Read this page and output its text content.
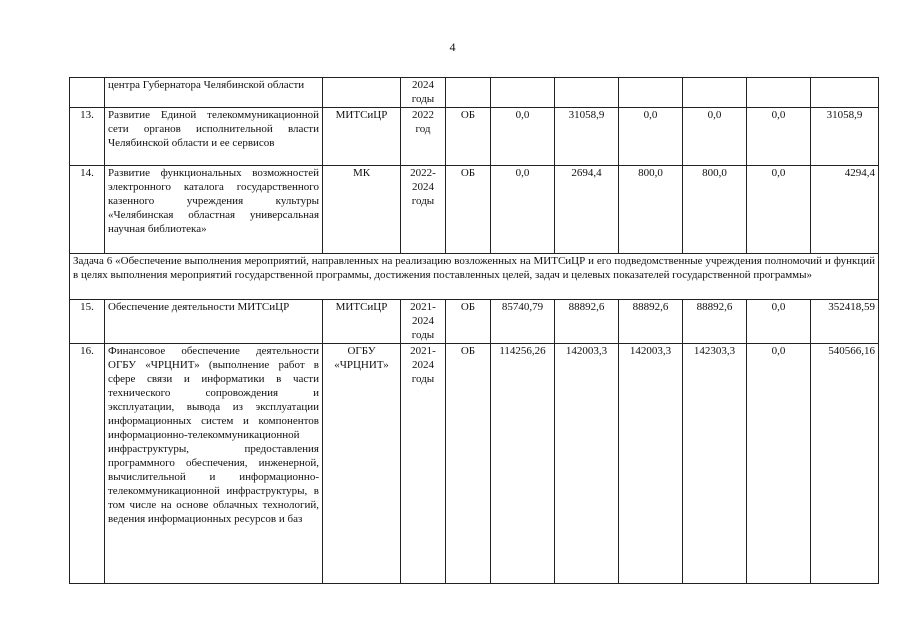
4
	центра Губернатора Челябинской области		2024 годы							
13.	Развитие Единой телекоммуникационной сети органов исполнительной власти Челябинской области и ее сервисов	МИТСиЦР	2022 год	ОБ	0,0	31058,9	0,0	0,0	0,0	31058,9
14.	Развитие функциональных возможностей электронного каталога государственного казенного учреждения культуры «Челябинская областная универсальная научная библиотека»	МК	2022-2024 годы	ОБ	0,0	2694,4	800,0	800,0	0,0	4294,4
Задача 6 «Обеспечение выполнения мероприятий, направленных на реализацию возложенных на МИТСиЦР и его подведомственные учреждения полномочий и функций в целях выполнения мероприятий государственной программы, достижения поставленных целей, задач и целевых показателей государственной программы»										
15.	Обеспечение деятельности МИТСиЦР	МИТСиЦР	2021-2024 годы	ОБ	85740,79	88892,6	88892,6	88892,6	0,0	352418,59
16.	Финансовое обеспечение деятельности ОГБУ «ЧРЦНИТ» (выполнение работ в сфере связи и информатики в части технического сопровождения и эксплуатации, вывода из эксплуатации информационных систем и компонентов информационно-телекоммуникационной инфраструктуры, предоставления программного обеспечения, инженерной, вычислительной и информационно-телекоммуникационной инфраструктуры, в том числе на основе облачных технологий, ведения информационных ресурсов и баз	ОГБУ «ЧРЦНИТ»	2021-2024 годы	ОБ	114256,26	142003,3	142003,3	142303,3	0,0	540566,16
